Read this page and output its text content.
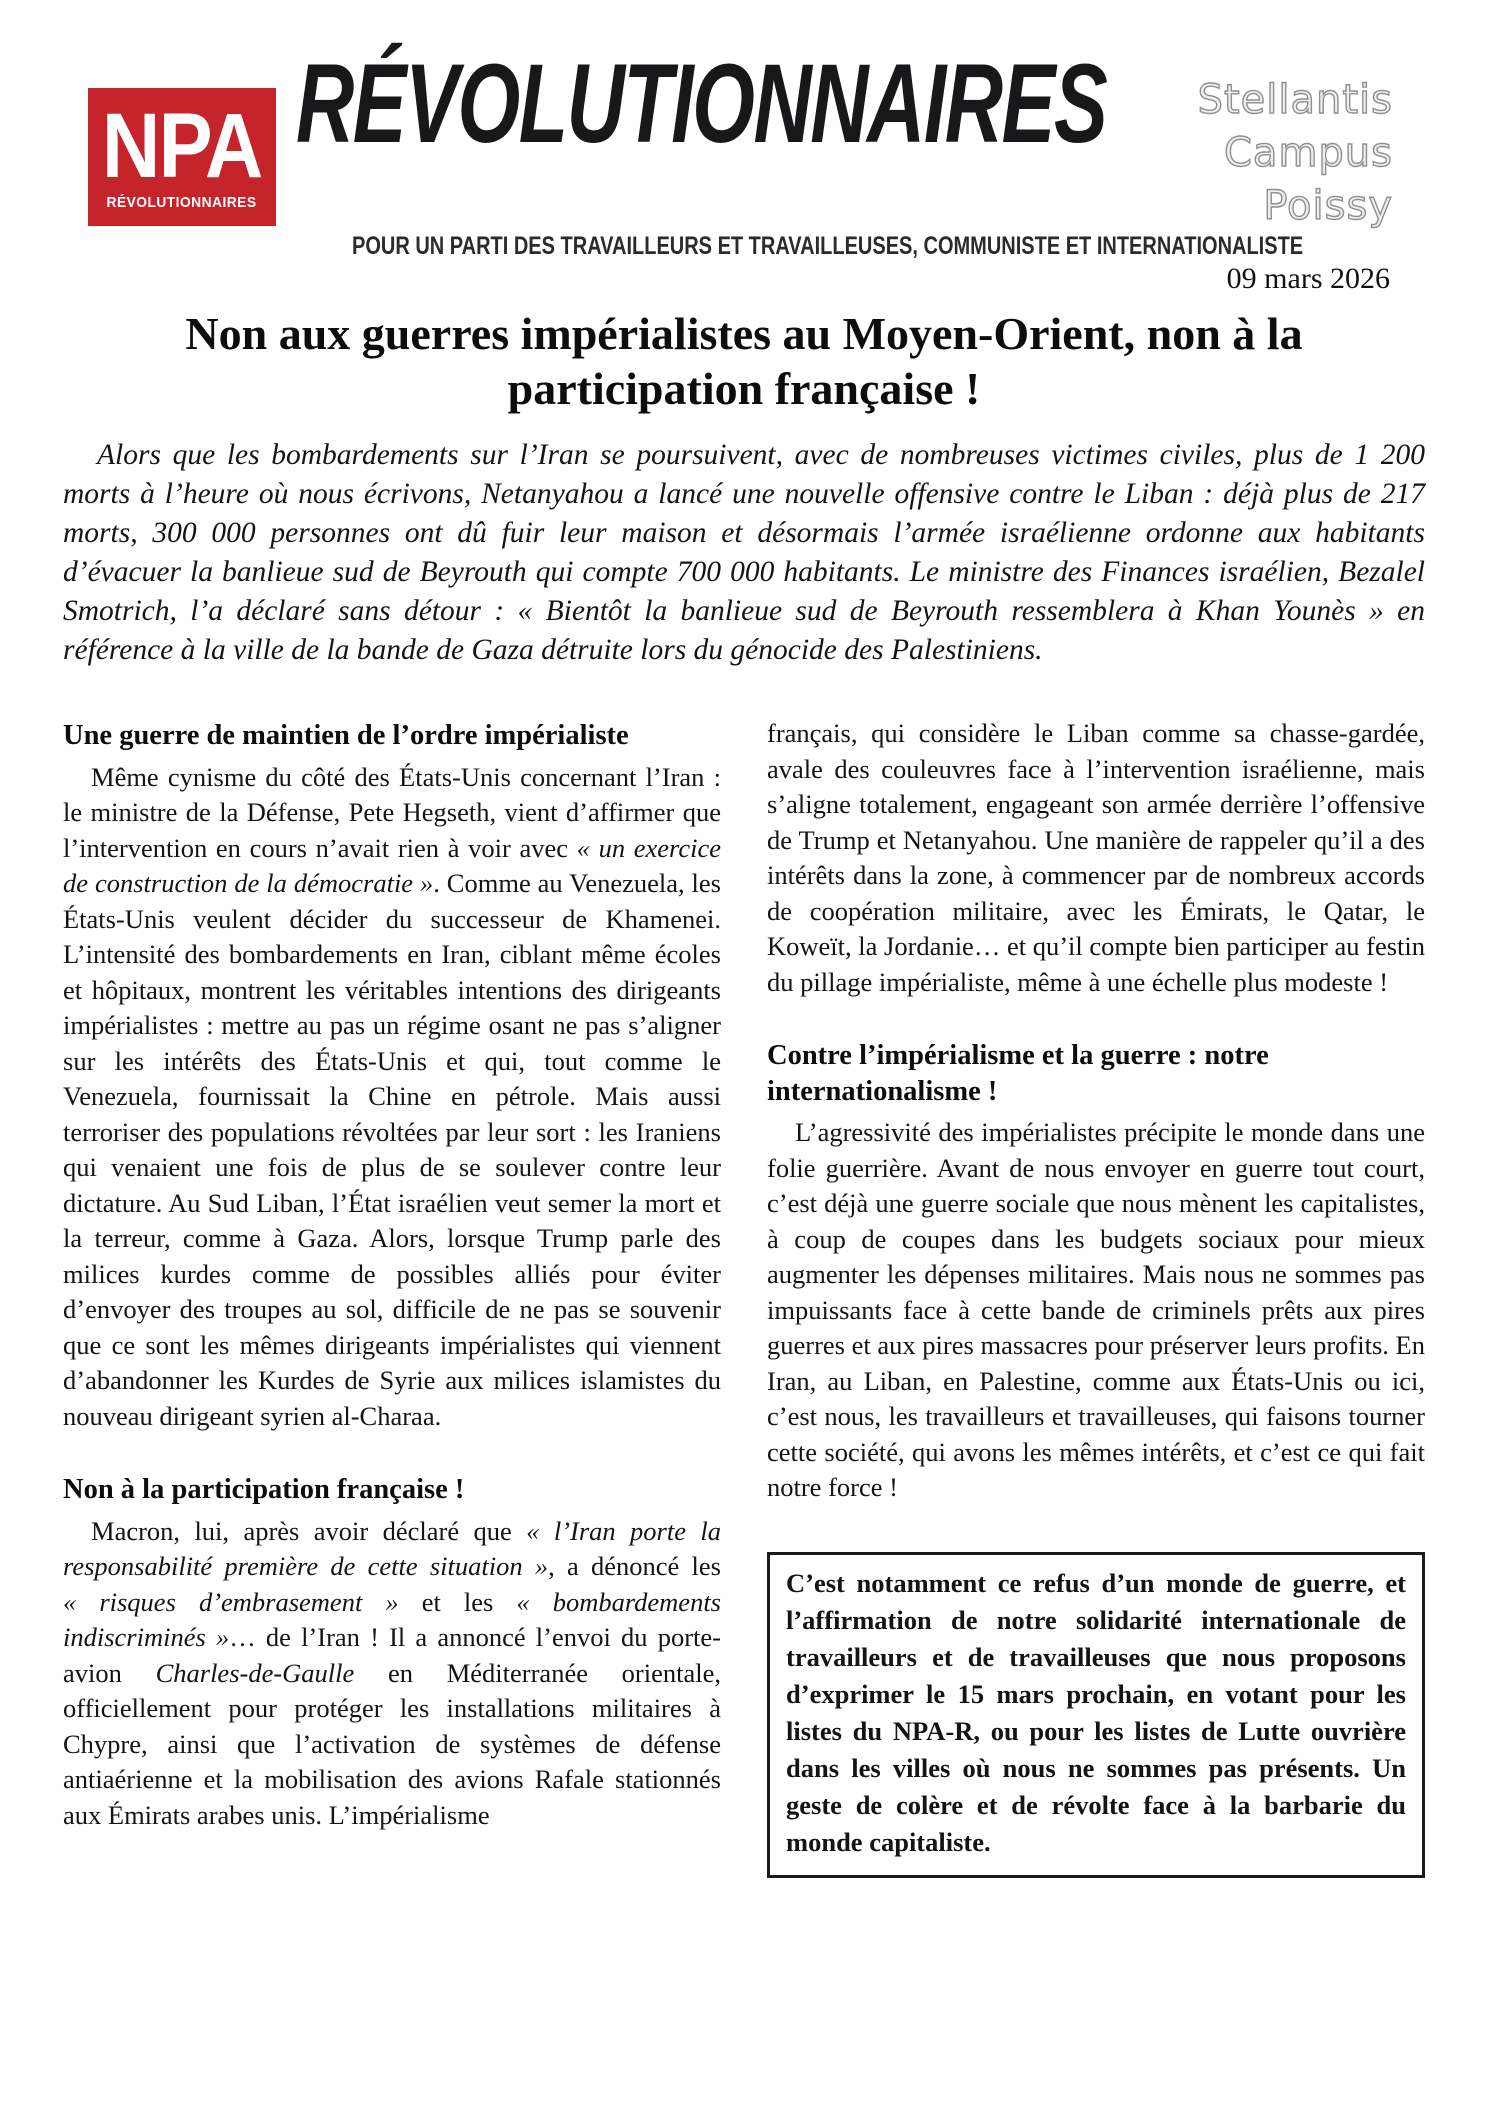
NPA
RÉVOLUTIONNAIRES
RÉVOLUTIONNAIRES
POUR UN PARTI DES TRAVAILLEURS ET TRAVAILLEUSES, COMMUNISTE ET INTERNATIONALISTE
Stellantis
Campus
Poissy
09 mars 2026
Non aux guerres impérialistes au Moyen-Orient, non à la participation française !

Alors que les bombardements sur l’Iran se poursuivent, avec de nombreuses victimes civiles, plus de 1 200 morts à l’heure où nous écrivons, Netanyahou a lancé une nouvelle offensive contre le Liban : déjà plus de 217 morts, 300 000 personnes ont dû fuir leur maison et désormais l’armée israélienne ordonne aux habitants d’évacuer la banlieue sud de Beyrouth qui compte 700 000 habitants. Le ministre des Finances israélien, Bezalel Smotrich, l’a déclaré sans détour : « Bientôt la banlieue sud de Beyrouth ressemblera à Khan Younès » en référence à la ville de la bande de Gaza détruite lors du génocide des Palestiniens.

Une guerre de maintien de l’ordre impérialiste

Même cynisme du côté des États-Unis concernant l’Iran : le ministre de la Défense, Pete Hegseth, vient d’affirmer que l’intervention en cours n’avait rien à voir avec « un exercice de construction de la démocratie ». Comme au Venezuela, les États-Unis veulent décider du successeur de Khamenei. L’intensité des bombardements en Iran, ciblant même écoles et hôpitaux, montrent les véritables intentions des dirigeants impérialistes : mettre au pas un régime osant ne pas s’aligner sur les intérêts des États-Unis et qui, tout comme le Venezuela, fournissait la Chine en pétrole. Mais aussi terroriser des populations révoltées par leur sort : les Iraniens qui venaient une fois de plus de se soulever contre leur dictature. Au Sud Liban, l’État israélien veut semer la mort et la terreur, comme à Gaza. Alors, lorsque Trump parle des milices kurdes comme de possibles alliés pour éviter d’envoyer des troupes au sol, difficile de ne pas se souvenir que ce sont les mêmes dirigeants impérialistes qui viennent d’abandonner les Kurdes de Syrie aux milices islamistes du nouveau dirigeant syrien al-Charaa.

Non à la participation française !

Macron, lui, après avoir déclaré que « l’Iran porte la responsabilité première de cette situation », a dénoncé les « risques d’embrasement » et les « bombardements indiscriminés »… de l’Iran ! Il a annoncé l’envoi du porte-avion Charles-de-Gaulle en Méditerranée orientale, officiellement pour protéger les installations militaires à Chypre, ainsi que l’activation de systèmes de défense antiaérienne et la mobilisation des avions Rafale stationnés aux Émirats arabes unis. L’impérialisme

français, qui considère le Liban comme sa chasse-gardée, avale des couleuvres face à l’intervention israélienne, mais s’aligne totalement, engageant son armée derrière l’offensive de Trump et Netanyahou. Une manière de rappeler qu’il a des intérêts dans la zone, à commencer par de nombreux accords de coopération militaire, avec les Émirats, le Qatar, le Koweït, la Jordanie… et qu’il compte bien participer au festin du pillage impérialiste, même à une échelle plus modeste !

Contre l’impérialisme et la guerre : notre internationalisme !

L’agressivité des impérialistes précipite le monde dans une folie guerrière. Avant de nous envoyer en guerre tout court, c’est déjà une guerre sociale que nous mènent les capitalistes, à coup de coupes dans les budgets sociaux pour mieux augmenter les dépenses militaires. Mais nous ne sommes pas impuissants face à cette bande de criminels prêts aux pires guerres et aux pires massacres pour préserver leurs profits. En Iran, au Liban, en Palestine, comme aux États-Unis ou ici, c’est nous, les travailleurs et travailleuses, qui faisons tourner cette société, qui avons les mêmes intérêts, et c’est ce qui fait notre force !

C’est notamment ce refus d’un monde de guerre, et l’affirmation de notre solidarité internationale de travailleurs et de travailleuses que nous proposons d’exprimer le 15 mars prochain, en votant pour les listes du NPA-R, ou pour les listes de Lutte ouvrière dans les villes où nous ne sommes pas présents. Un geste de colère et de révolte face à la barbarie du monde capitaliste.
